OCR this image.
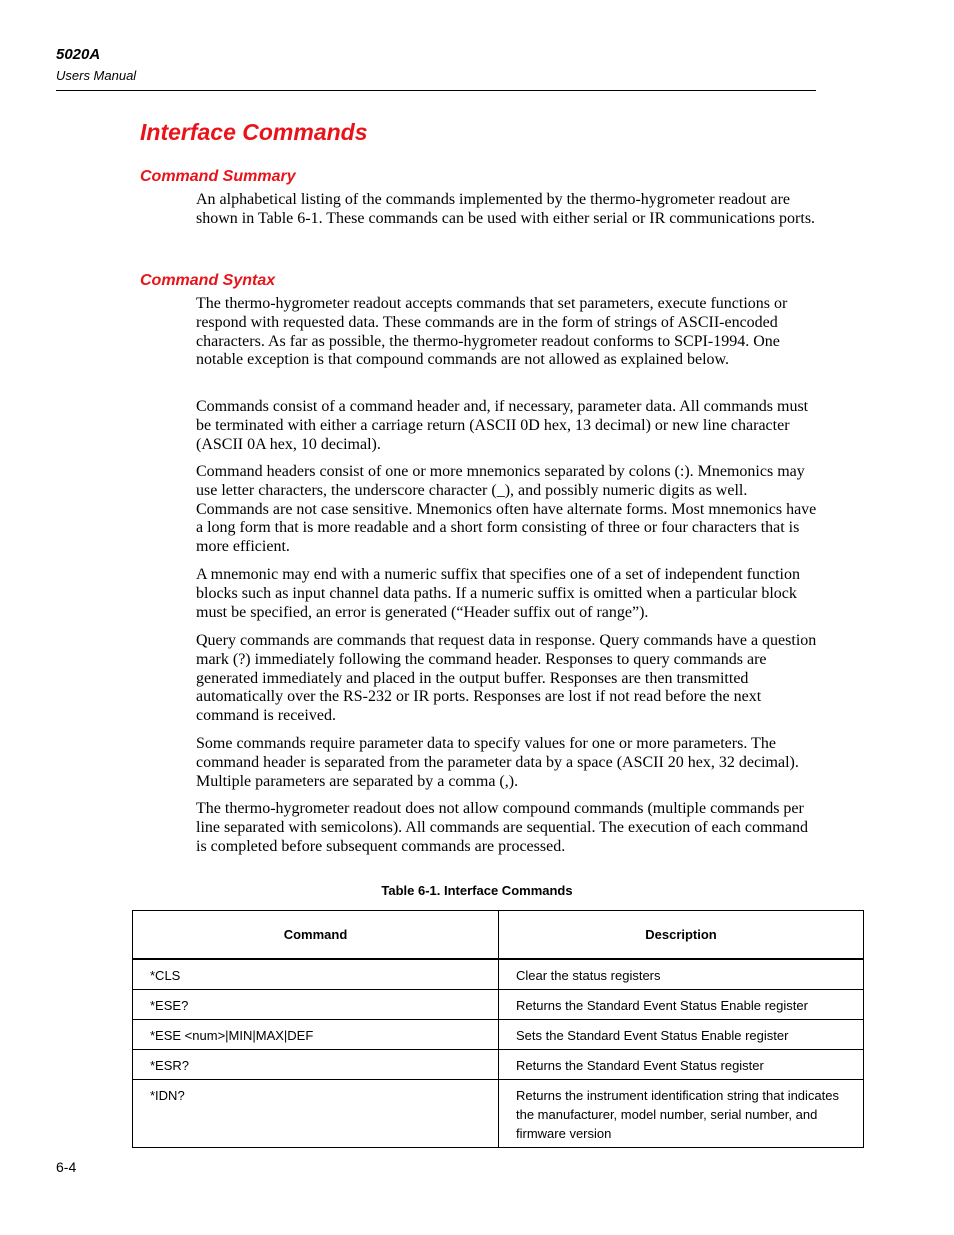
5020A
Users Manual
Interface Commands
Command Summary

An alphabetical listing of the commands implemented by the thermo-hygrometer readout are shown in Table 6-1. These commands can be used with either serial or IR communications ports.

Command Syntax

The thermo-hygrometer readout accepts commands that set parameters, execute functions or respond with requested data. These commands are in the form of strings of ASCII-encoded characters. As far as possible, the thermo-hygrometer readout conforms to SCPI-1994. One notable exception is that compound commands are not allowed as explained below.

Commands consist of a command header and, if necessary, parameter data. All commands must be terminated with either a carriage return (ASCII 0D hex, 13 decimal) or new line character (ASCII 0A hex, 10 decimal).

Command headers consist of one or more mnemonics separated by colons (:). Mnemonics may use letter characters, the underscore character (_), and possibly numeric digits as well. Commands are not case sensitive. Mnemonics often have alternate forms. Most mnemonics have a long form that is more readable and a short form consisting of three or four characters that is more efficient.

A mnemonic may end with a numeric suffix that specifies one of a set of independent function blocks such as input channel data paths. If a numeric suffix is omitted when a particular block must be specified, an error is generated (“Header suffix out of range”).

Query commands are commands that request data in response. Query commands have a question mark (?) immediately following the command header. Responses to query commands are generated immediately and placed in the output buffer. Responses are then transmitted automatically over the RS-232 or IR ports. Responses are lost if not read before the next command is received.

Some commands require parameter data to specify values for one or more parameters. The command header is separated from the parameter data by a space (ASCII 20 hex, 32 decimal). Multiple parameters are separated by a comma (,).

The thermo-hygrometer readout does not allow compound commands (multiple commands per line separated with semicolons). All commands are sequential. The execution of each command is completed before subsequent commands are processed.

Table 6-1. Interface Commands
Command	Description
*CLS	Clear the status registers
*ESE?	Returns the Standard Event Status Enable register
*ESE <num>|MIN|MAX|DEF	Sets the Standard Event Status Enable register
*ESR?	Returns the Standard Event Status register
*IDN?	Returns the instrument identification string that indicates the manufacturer, model number, serial number, and firmware version
6-4
